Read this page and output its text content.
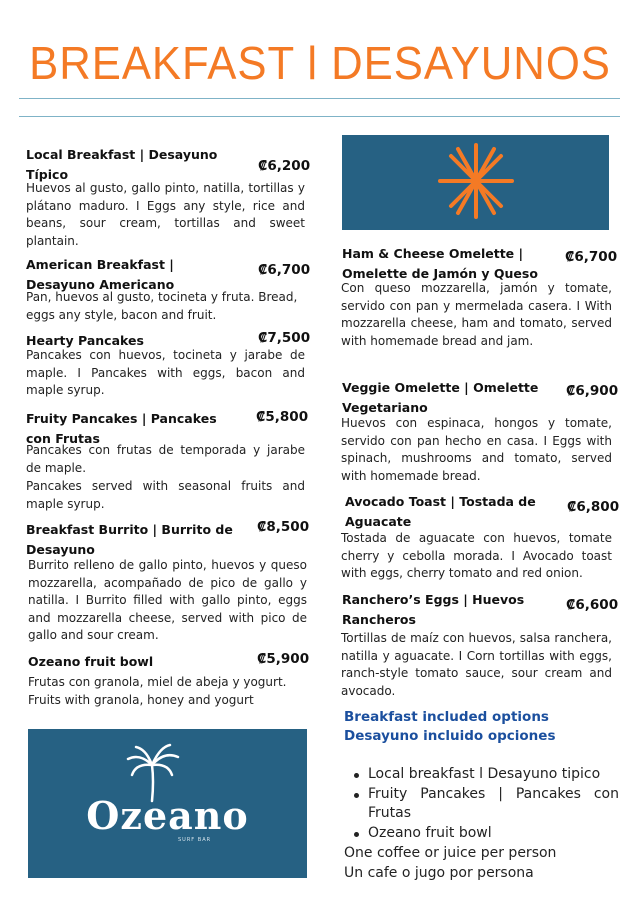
BREAKFAST l DESAYUNOS
Local Breakfast | Desayuno Típico
₡6,200
Huevos al gusto, gallo pinto, natilla, tortillas y plátano maduro. I Eggs any style, rice and beans, sour cream, tortillas and sweet plantain.
American Breakfast | Desayuno Americano
₡6,700
Pan, huevos al gusto, tocineta y fruta. Bread, eggs any style, bacon and fruit.
Hearty Pancakes	₡7,500
Pancakes con huevos, tocineta y jarabe de maple. I Pancakes with eggs, bacon and maple syrup.
Fruity Pancakes | Pancakes con Frutas
₡5,800
Pancakes con frutas de temporada y jarabe de maple.
Pancakes served with seasonal fruits and maple syrup.
Breakfast Burrito | Burrito de Desayuno
₡8,500
Burrito relleno de gallo pinto, huevos y queso mozzarella, acompañado de pico de gallo y natilla. I Burrito filled with gallo pinto, eggs and mozzarella cheese, served with pico de gallo and sour cream.
Ozeano fruit bowl	₡5,900
Frutas con granola, miel de abeja y yogurt.
Fruits with granola, honey and yogurt
Ozeano
SURF BAR
Ham & Cheese Omelette | Omelette de Jamón y Queso
₡6,700
Con queso mozzarella, jamón y tomate, servido con pan y mermelada casera. I With mozzarella cheese, ham and tomato, served with homemade bread and jam.
Veggie Omelette | Omelette Vegetariano
₡6,900
Huevos con espinaca, hongos y tomate, servido con pan hecho en casa. I Eggs with spinach, mushrooms and tomato, served with homemade bread.
Avocado Toast | Tostada de Aguacate
₡6,800
Tostada de aguacate con huevos, tomate cherry y cebolla morada. I Avocado toast with eggs, cherry tomato and red onion.
Ranchero’s Eggs | Huevos Rancheros
₡6,600
Tortillas de maíz con huevos, salsa ranchera, natilla y aguacate. I Corn tortillas with eggs, ranch-style tomato sauce, sour cream and avocado.
Breakfast included options
Desayuno incluido opciones
Local breakfast l Desayuno tipico
Fruity Pancakes | Pancakes con Frutas
Ozeano fruit bowl
One coffee or juice per person
Un cafe o jugo por persona
